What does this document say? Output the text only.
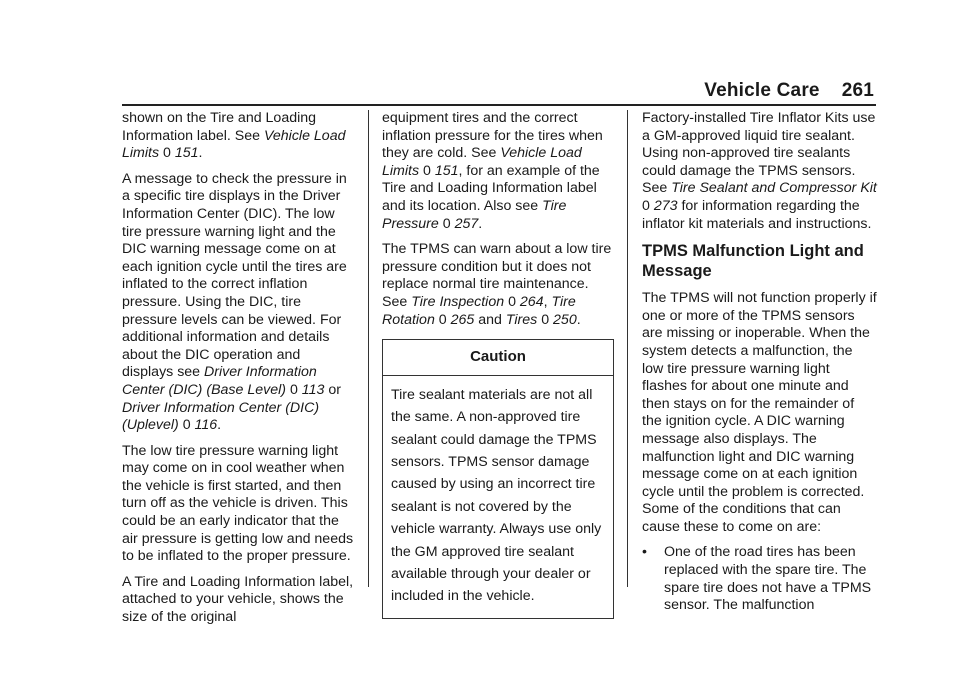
Vehicle Care 261

shown on the Tire and Loading Information label. See Vehicle Load Limits 0 151.

A message to check the pressure in a specific tire displays in the Driver Information Center (DIC). The low tire pressure warning light and the DIC warning message come on at each ignition cycle until the tires are inflated to the correct inflation pressure. Using the DIC, tire pressure levels can be viewed. For additional information and details about the DIC operation and displays see Driver Information Center (DIC) (Base Level) 0 113 or Driver Information Center (DIC) (Uplevel) 0 116.

The low tire pressure warning light may come on in cool weather when the vehicle is first started, and then turn off as the vehicle is driven. This could be an early indicator that the air pressure is getting low and needs to be inflated to the proper pressure.

A Tire and Loading Information label, attached to your vehicle, shows the size of the original

equipment tires and the correct inflation pressure for the tires when they are cold. See Vehicle Load Limits 0 151, for an example of the Tire and Loading Information label and its location. Also see Tire Pressure 0 257.

The TPMS can warn about a low tire pressure condition but it does not replace normal tire maintenance. See Tire Inspection 0 264, Tire Rotation 0 265 and Tires 0 250.

Caution
Tire sealant materials are not all the same. A non-approved tire sealant could damage the TPMS sensors. TPMS sensor damage caused by using an incorrect tire sealant is not covered by the vehicle warranty. Always use only the GM approved tire sealant available through your dealer or included in the vehicle.

Factory-installed Tire Inflator Kits use a GM-approved liquid tire sealant. Using non-approved tire sealants could damage the TPMS sensors. See Tire Sealant and Compressor Kit 0 273 for information regarding the inflator kit materials and instructions.

TPMS Malfunction Light and Message

The TPMS will not function properly if one or more of the TPMS sensors are missing or inoperable. When the system detects a malfunction, the low tire pressure warning light flashes for about one minute and then stays on for the remainder of the ignition cycle. A DIC warning message also displays. The malfunction light and DIC warning message come on at each ignition cycle until the problem is corrected. Some of the conditions that can cause these to come on are:

•	One of the road tires has been replaced with the spare tire. The spare tire does not have a TPMS sensor. The malfunction
